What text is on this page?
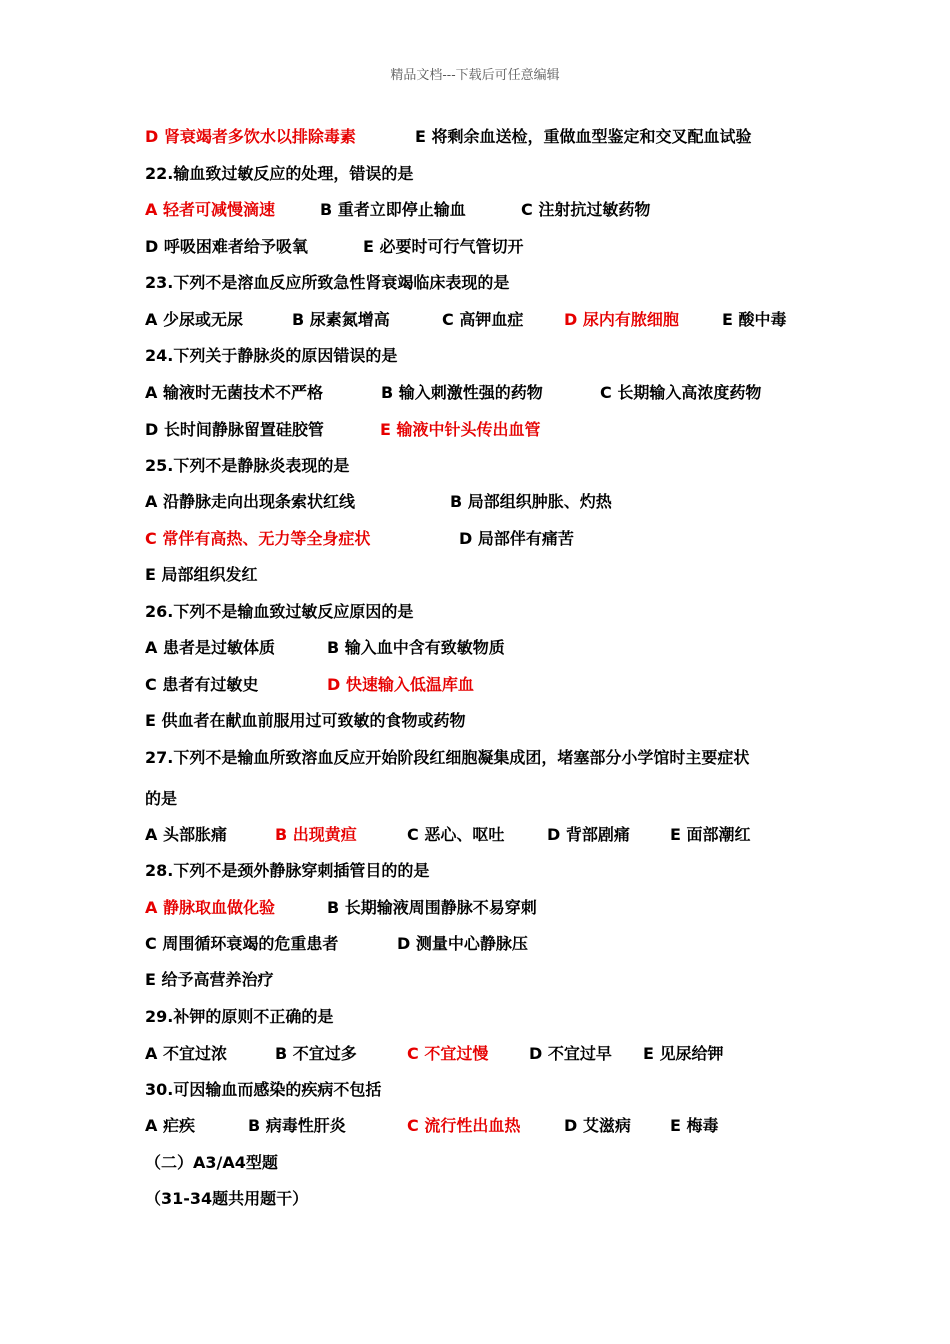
精品文档---下载后可任意编辑
D 肾衰竭者多饮水以排除毒素	E 将剩余血送检，重做血型鉴定和交叉配血试验
22.输血致过敏反应的处理，错误的是
A 轻者可减慢滴速	B 重者立即停止输血	C 注射抗过敏药物
D 呼吸困难者给予吸氧	E 必要时可行气管切开
23.下列不是溶血反应所致急性肾衰竭临床表现的是
A 少尿或无尿	B 尿素氮增高	C 高钾血症	D 尿内有脓细胞	E 酸中毒
24.下列关于静脉炎的原因错误的是
A 输液时无菌技术不严格	B 输入刺激性强的药物	C 长期输入高浓度药物
D 长时间静脉留置硅胶管	E 输液中针头传出血管
25.下列不是静脉炎表现的是
A 沿静脉走向出现条索状红线	B 局部组织肿胀、灼热
C 常伴有高热、无力等全身症状	D 局部伴有痛苦
E 局部组织发红
26.下列不是输血致过敏反应原因的是
A 患者是过敏体质	B 输入血中含有致敏物质
C 患者有过敏史	D 快速输入低温库血
E 供血者在献血前服用过可致敏的食物或药物
27.下列不是输血所致溶血反应开始阶段红细胞凝集成团，堵塞部分小学馆时主要症状
的是
A 头部胀痛	B 出现黄疸	C 恶心、呕吐	D 背部剧痛	E 面部潮红
28.下列不是颈外静脉穿刺插管目的的是
A 静脉取血做化验	B 长期输液周围静脉不易穿刺
C 周围循环衰竭的危重患者	D 测量中心静脉压
E 给予高营养治疗
29.补钾的原则不正确的是
A 不宜过浓	B 不宜过多	C 不宜过慢	D 不宜过早 E 见尿给钾
30.可因输血而感染的疾病不包括
A 疟疾	B 病毒性肝炎	C 流行性出血热	D 艾滋病 E 梅毒
（二）A3/A4型题
（31-34题共用题干）
